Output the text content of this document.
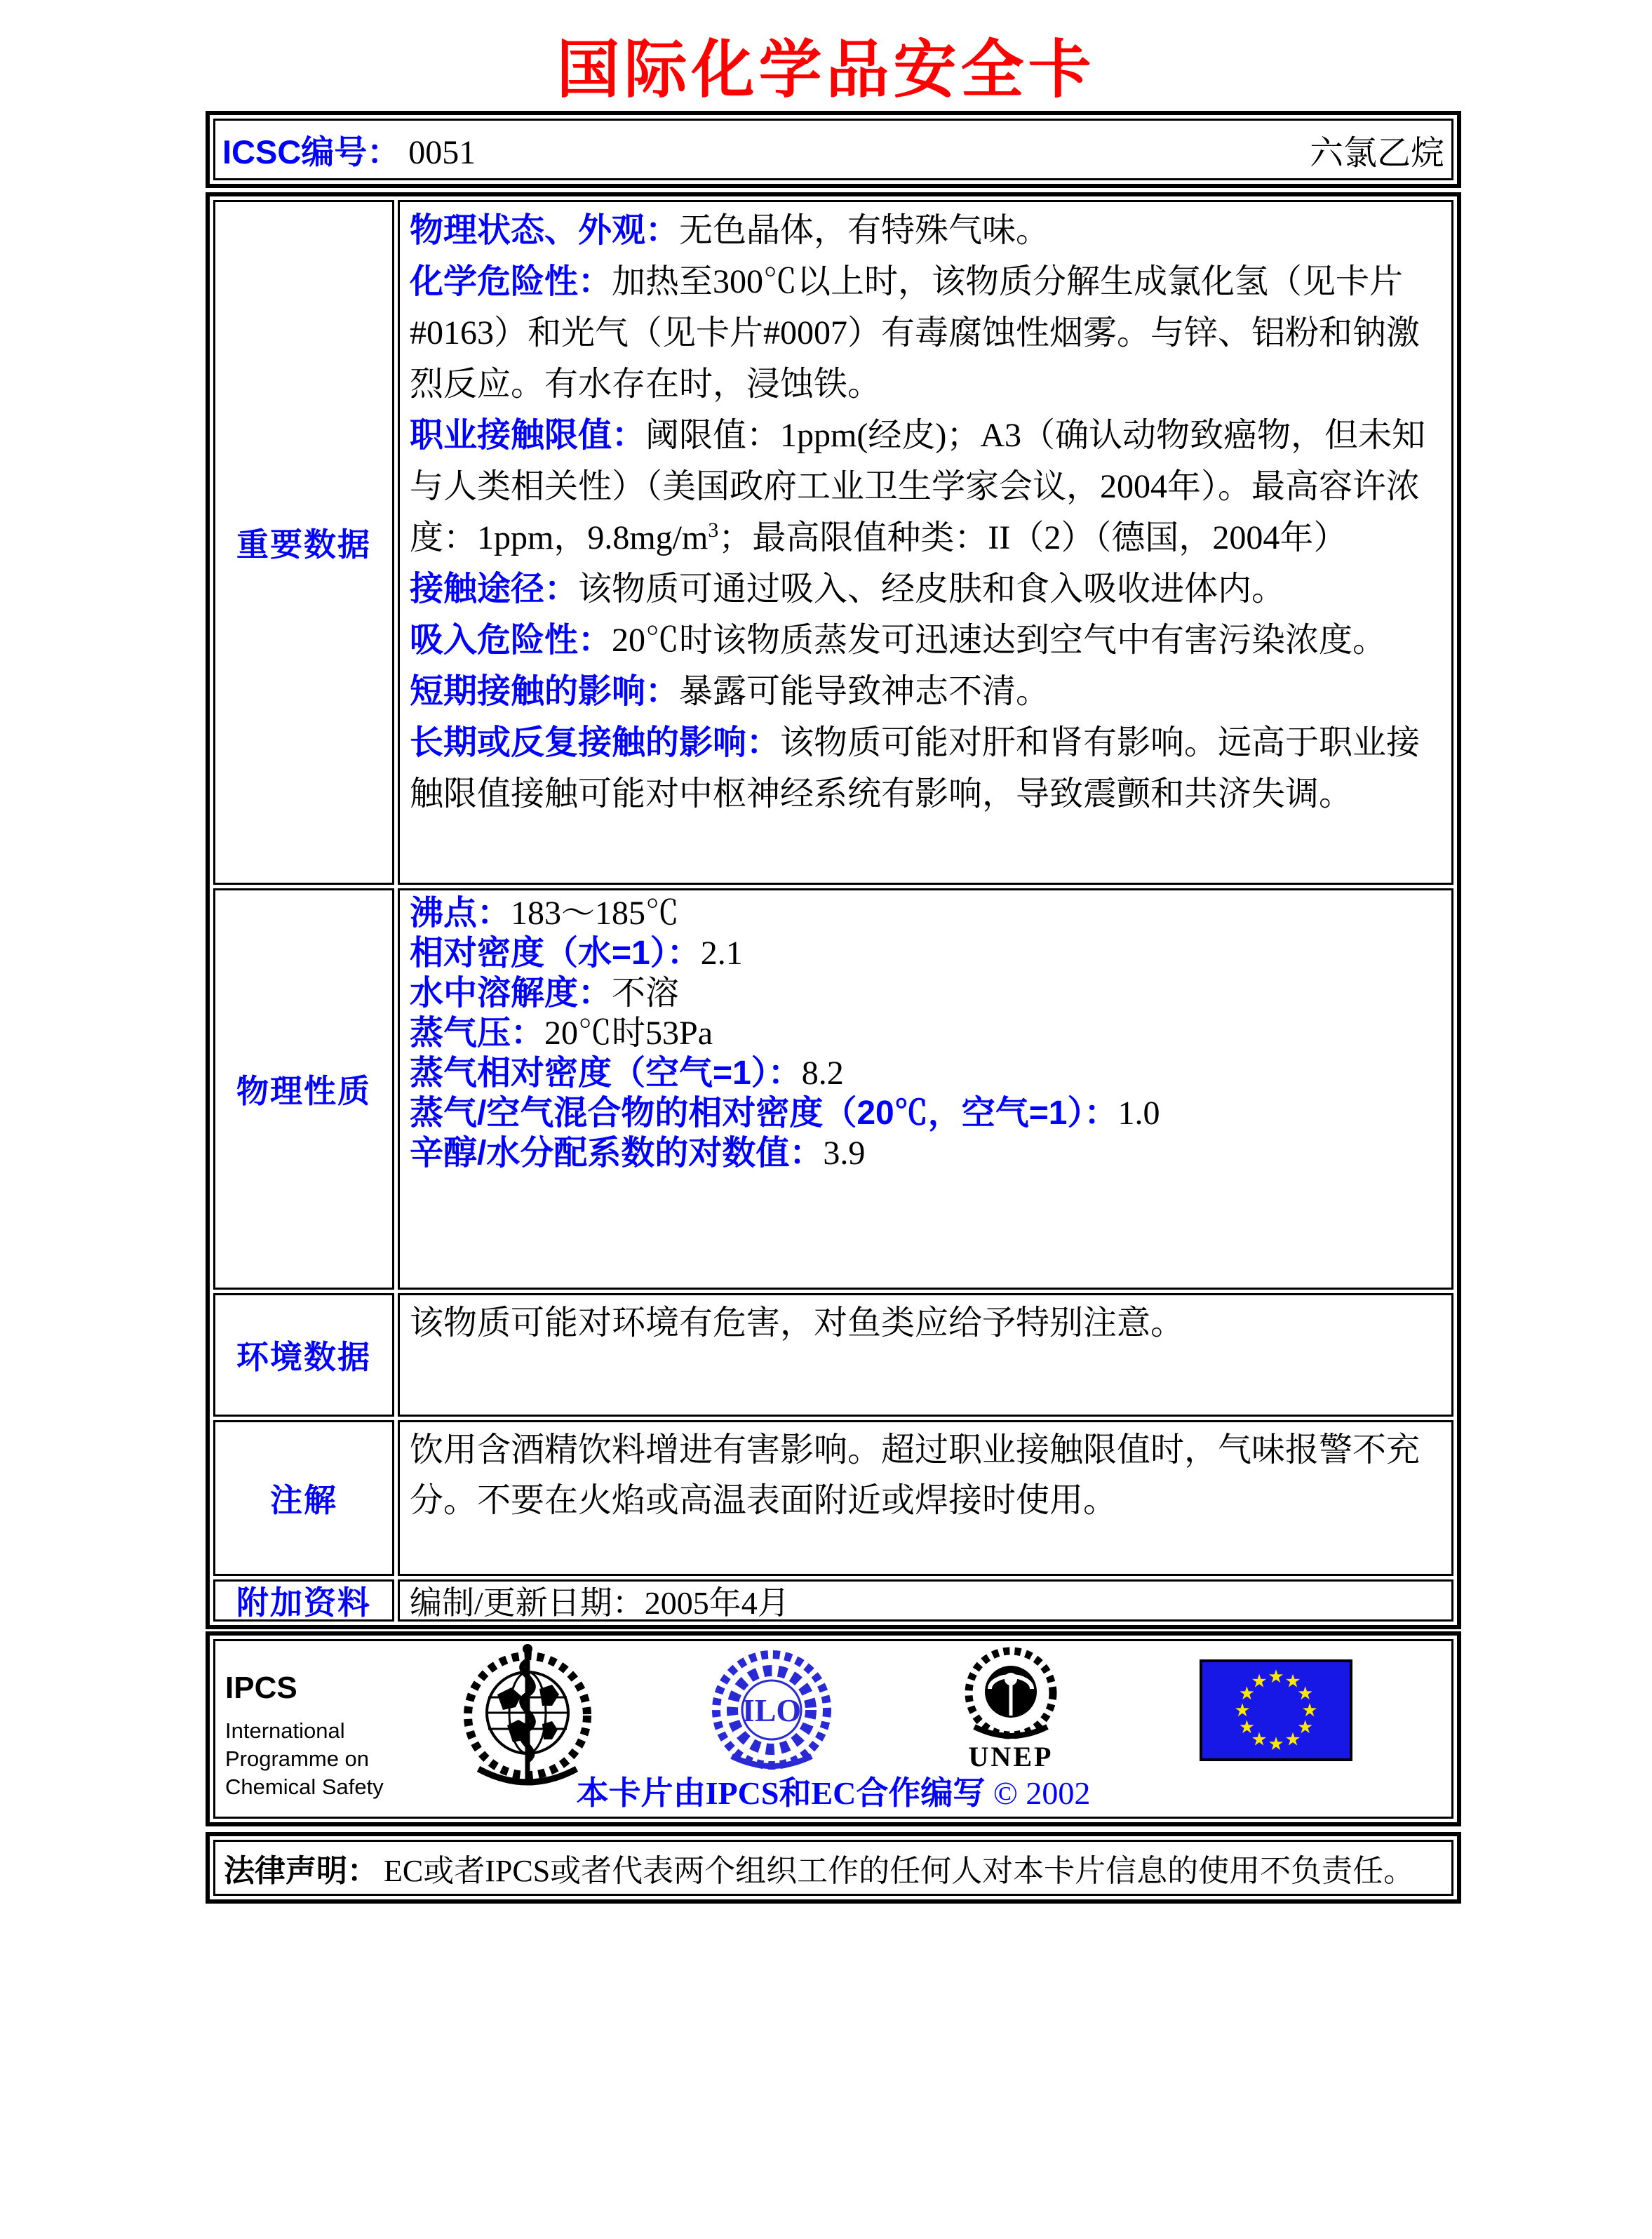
国际化学品安全卡
ICSC编号： 0051	六氯乙烷
重要数据

物理状态、外观：无色晶体，有特殊气味。

化学危险性：加热至300℃以上时，该物质分解生成氯化氢（见卡片#0163）和光气（见卡片#0007）有毒腐蚀性烟雾。与锌、铝粉和钠激烈反应。有水存在时，浸蚀铁。

职业接触限值：阈限值：1ppm(经皮)；A3（确认动物致癌物，但未知与人类相关性）（美国政府工业卫生学家会议，2004年）。最高容许浓度：1ppm，$9.8mg/m^3$；最高限值种类：II（2）（德国，2004年）

接触途径：该物质可通过吸入、经皮肤和食入吸收进体内。

吸入危险性：20℃时该物质蒸发可迅速达到空气中有害污染浓度。

短期接触的影响：暴露可能导致神志不清。

长期或反复接触的影响：该物质可能对肝和肾有影响。远高于职业接触限值接触可能对中枢神经系统有影响，导致震颤和共济失调。

物理性质

沸点：183～185℃

相对密度（水=1）：2.1

水中溶解度：不溶

蒸气压：20℃时53Pa

蒸气相对密度（空气=1）：8.2

蒸气/空气混合物的相对密度（20℃，空气=1）：1.0

辛醇/水分配系数的对数值：3.9

环境数据

该物质可能对环境有危害，对鱼类应给予特别注意。

注解

饮用含酒精饮料增进有害影响。超过职业接触限值时，气味报警不充分。不要在火焰或高温表面附近或焊接时使用。

附加资料	编制/更新日期：2005年4月
IPCS
International
Programme on
Chemical Safety
ILO
UNEP
★
★
★
★
★
★
★
★
★ ★ ★
★
本卡片由IPCS和EC合作编写 © 2002
法律声明： EC或者IPCS或者代表两个组织工作的任何人对本卡片信息的使用不负责任。
